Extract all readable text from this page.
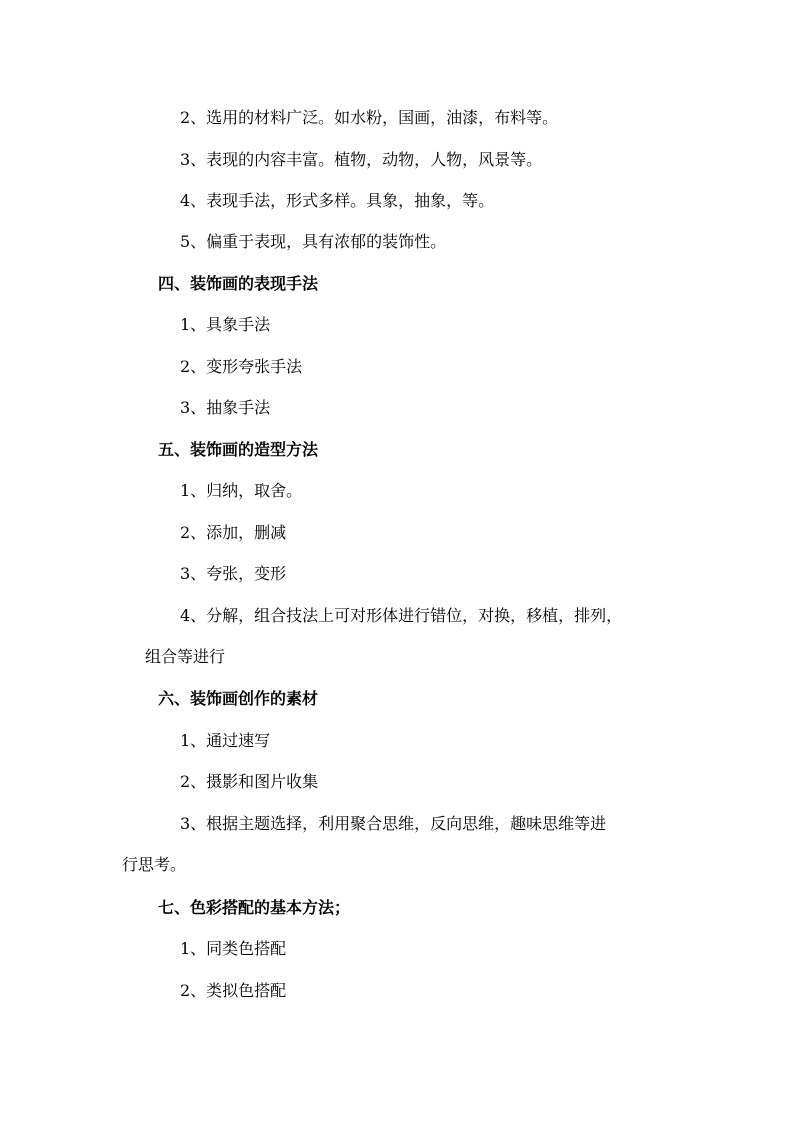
2、选用的材料广泛。如水粉，国画，油漆，布料等。
3、表现的内容丰富。植物，动物，人物，风景等。
4、表现手法，形式多样。具象，抽象，等。
5、偏重于表现，具有浓郁的装饰性。
四、装饰画的表现手法
1、具象手法
2、变形夸张手法
3、抽象手法
五、装饰画的造型方法
1、归纳，取舍。
2、添加，删减
3、夸张，变形
4、分解，组合技法上可对形体进行错位，对换，移植，排列，
组合等进行
六、装饰画创作的素材
1、通过速写
2、摄影和图片收集
3、根据主题选择，利用聚合思维，反向思维，趣味思维等进
行思考。
七、色彩搭配的基本方法；
1、同类色搭配
2、类拟色搭配
